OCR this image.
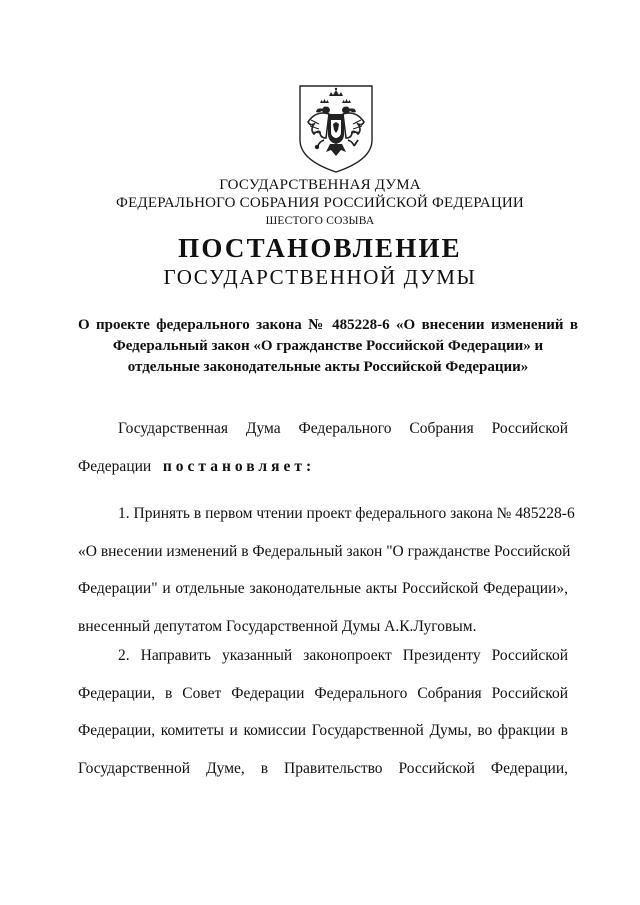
ГОСУДАРСТВЕННАЯ ДУМА
ФЕДЕРАЛЬНОГО СОБРАНИЯ РОССИЙСКОЙ ФЕДЕРАЦИИ
ШЕСТОГО СОЗЫВА
ПОСТАНОВЛЕНИЕ
ГОСУДАРСТВЕННОЙ ДУМЫ
О проекте федерального закона № 485228-6 «О внесении изменений в
Федеральный закон «О гражданстве Российской Федерации» и
отдельные законодательные акты Российской Федерации»
Государственная Дума Федерального Собрания Российской
Федерации постановляет:
1. Принять в первом чтении проект федерального закона № 485228-6
«О внесении изменений в Федеральный закон "О гражданстве Российской
Федерации" и отдельные законодательные акты Российской Федерации»,
внесенный депутатом Государственной Думы А.К.Луговым.
2. Направить указанный законопроект Президенту Российской
Федерации, в Совет Федерации Федерального Собрания Российской
Федерации, комитеты и комиссии Государственной Думы, во фракции в
Государственной Думе, в Правительство Российской Федерации,
